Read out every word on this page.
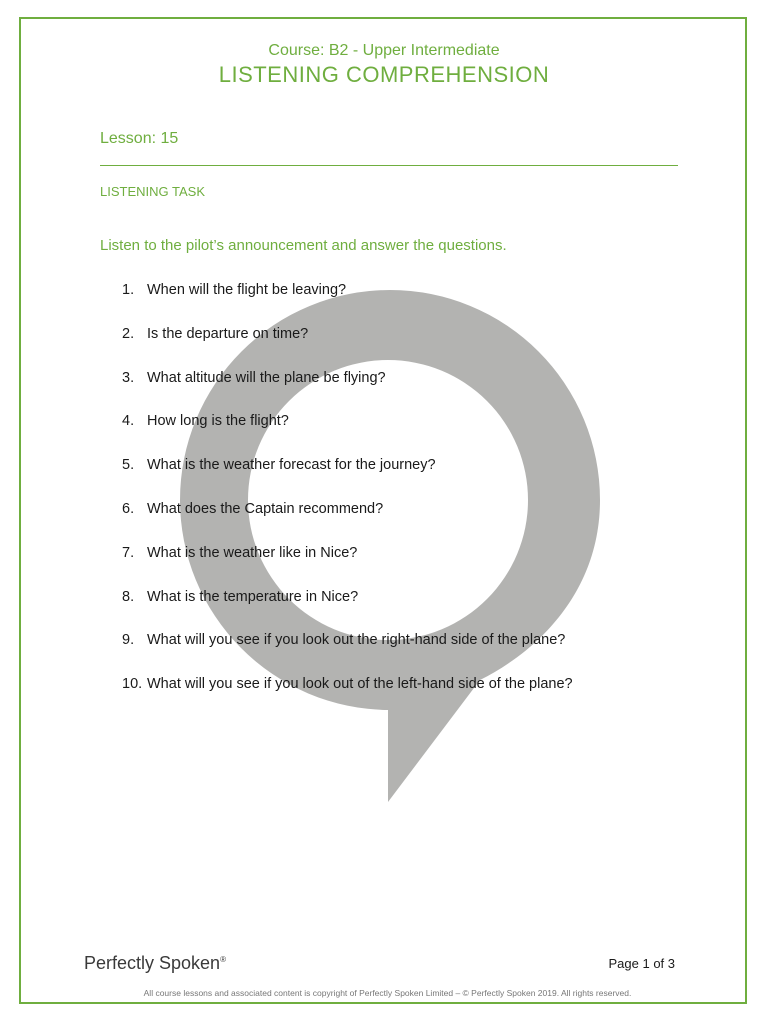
Course: B2 - Upper Intermediate
LISTENING COMPREHENSION
Lesson: 15
LISTENING TASK
Listen to the pilot’s announcement and answer the questions.
1. When will the flight be leaving?
2. Is the departure on time?
3. What altitude will the plane be flying?
4. How long is the flight?
5. What is the weather forecast for the journey?
6. What does the Captain recommend?
7. What is the weather like in Nice?
8. What is the temperature in Nice?
9. What will you see if you look out the right-hand side of the plane?
10. What will you see if you look out of the left-hand side of the plane?
Perfectly Spoken®	Page 1 of 3
All course lessons and associated content is copyright of Perfectly Spoken Limited – © Perfectly Spoken 2019. All rights reserved.
